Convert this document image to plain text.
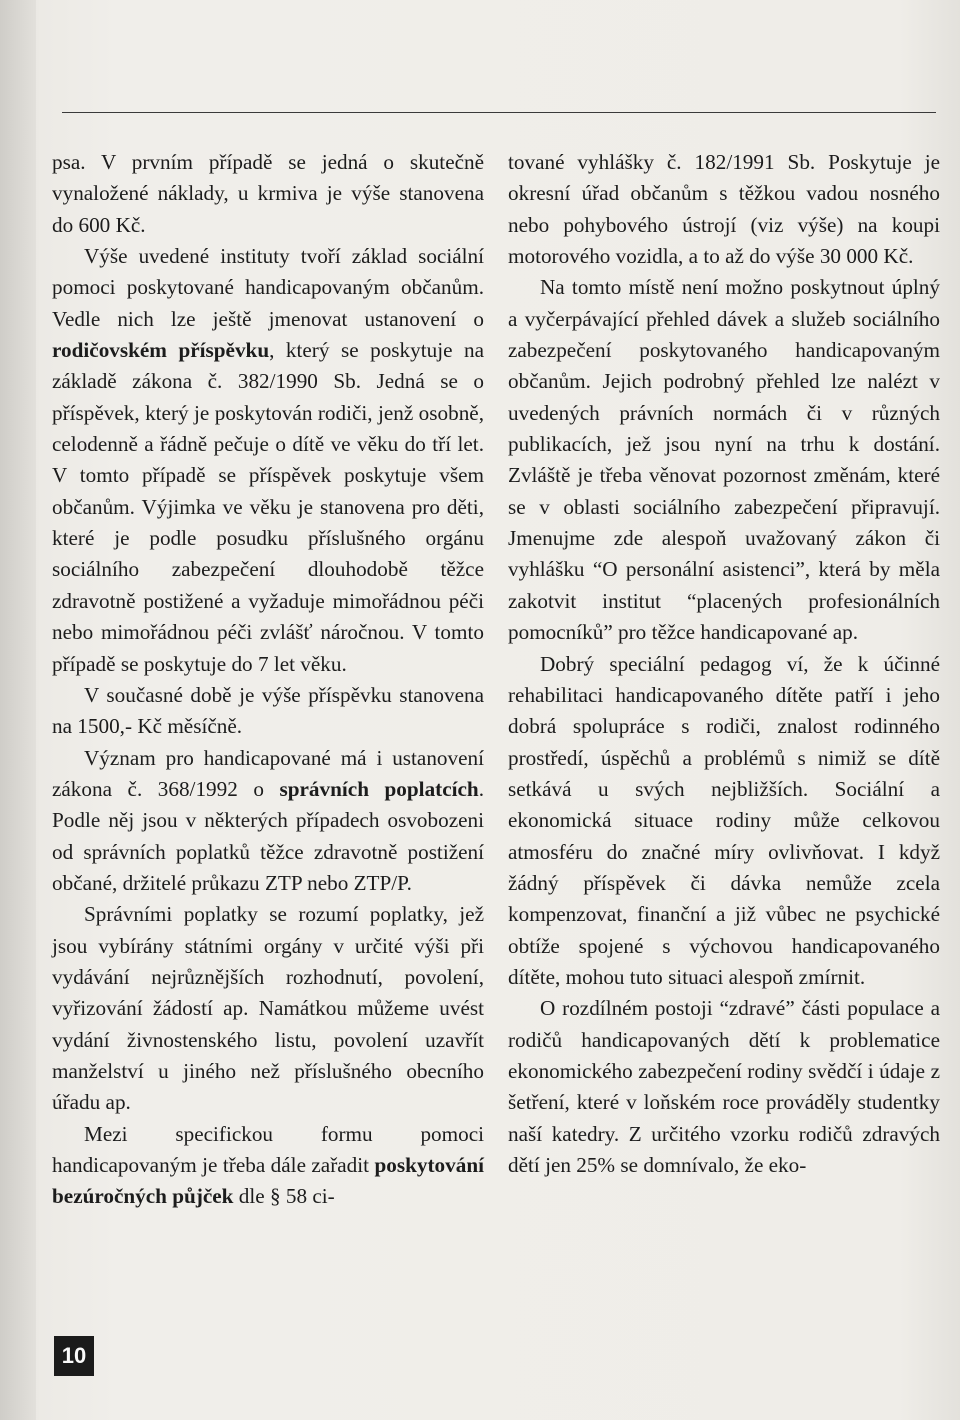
psa. V prvním případě se jedná o skutečně vynaložené náklady, u krmiva je výše stanovena do 600 Kč.

Výše uvedené instituty tvoří základ sociální pomoci poskytované handicapovaným občanům. Vedle nich lze ještě jmenovat ustanovení o rodičovském příspěvku, který se poskytuje na základě zákona č. 382/1990 Sb. Jedná se o příspěvek, který je poskytován rodiči, jenž osobně, celodenně a řádně pečuje o dítě ve věku do tří let. V tomto případě se příspěvek poskytuje všem občanům. Výjimka ve věku je stanovena pro děti, které je podle posudku příslušného orgánu sociálního zabezpečení dlouhodobě těžce zdravotně postižené a vyžaduje mimořádnou péči nebo mimořádnou péči zvlášť náročnou. V tomto případě se poskytuje do 7 let věku.

V současné době je výše příspěvku stanovena na 1500,- Kč měsíčně.

Význam pro handicapované má i ustanovení zákona č. 368/1992 o správních poplatcích. Podle něj jsou v některých případech osvobozeni od správních poplatků těžce zdravotně postižení občané, držitelé průkazu ZTP nebo ZTP/P.

Správními poplatky se rozumí poplatky, jež jsou vybírány státními orgány v určité výši při vydávání nejrůznějších rozhodnutí, povolení, vyřizování žádostí ap. Namátkou můžeme uvést vydání živnostenského listu, povolení uzavřít manželství u jiného než příslušného obecního úřadu ap.

Mezi specifickou formu pomoci handicapovaným je třeba dále zařadit poskytování bezúročných půjček dle § 58 ci-

tované vyhlášky č. 182/1991 Sb. Poskytuje je okresní úřad občanům s těžkou vadou nosného nebo pohybového ústrojí (viz výše) na koupi motorového vozidla, a to až do výše 30 000 Kč.

Na tomto místě není možno poskytnout úplný a vyčerpávající přehled dávek a služeb sociálního zabezpečení poskytovaného handicapovaným občanům. Jejich podrobný přehled lze nalézt v uvedených právních normách či v různých publikacích, jež jsou nyní na trhu k dostání. Zvláště je třeba věnovat pozornost změnám, které se v oblasti sociálního zabezpečení připravují. Jmenujme zde alespoň uvažovaný zákon či vyhlášku “O personální asistenci”, která by měla zakotvit institut “placených profesionálních pomocníků” pro těžce handicapované ap.

Dobrý speciální pedagog ví, že k účinné rehabilitaci handicapovaného dítěte patří i jeho dobrá spolupráce s rodiči, znalost rodinného prostředí, úspěchů a problémů s nimiž se dítě setkává u svých nejbližších. Sociální a ekonomická situace rodiny může celkovou atmosféru do značné míry ovlivňovat. I když žádný příspěvek či dávka nemůže zcela kompenzovat, finanční a již vůbec ne psychické obtíže spojené s výchovou handicapovaného dítěte, mohou tuto situaci alespoň zmírnit.

O rozdílném postoji “zdravé” části populace a rodičů handicapovaných dětí k problematice ekonomického zabezpečení rodiny svědčí i údaje z šetření, které v loňském roce prováděly studentky naší katedry. Z určitého vzorku rodičů zdravých dětí jen 25% se domnívalo, že eko-

10
